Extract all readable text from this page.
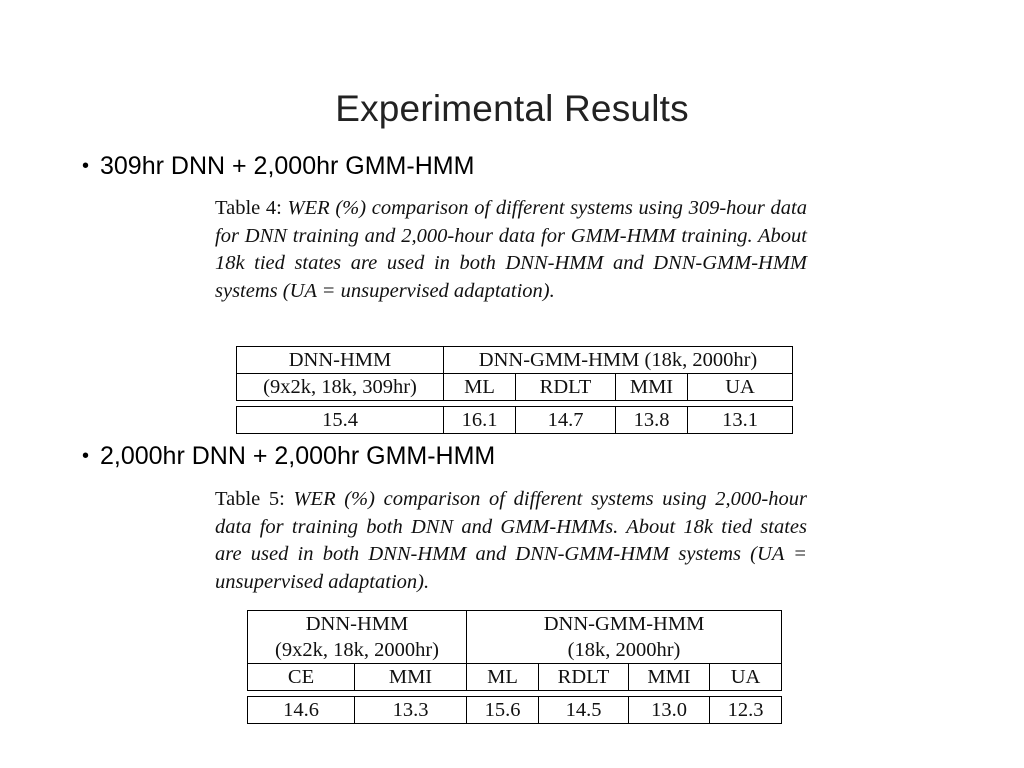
Experimental Results
• 309hr DNN + 2,000hr GMM-HMM
Table 4: WER (%) comparison of different systems using 309-hour data for DNN training and 2,000-hour data for GMM-HMM training. About 18k tied states are used in both DNN-HMM and DNN-GMM-HMM systems (UA = unsupervised adaptation).
DNN-HMM	DNN-GMM-HMM (18k, 2000hr)			
(9x2k, 18k, 309hr)	ML	RDLT	MMI	UA

15.4	16.1	14.7	13.8	13.1
• 2,000hr DNN + 2,000hr GMM-HMM
Table 5: WER (%) comparison of different systems using 2,000-hour data for training both DNN and GMM-HMMs. About 18k tied states are used in both DNN-HMM and DNN-GMM-HMM systems (UA = unsupervised adaptation).
DNN-HMM		DNN-GMM-HMM			
(9x2k, 18k, 2000hr)		(18k, 2000hr)			
CE	MMI	ML	RDLT	MMI	UA

14.6	13.3	15.6	14.5	13.0	12.3
